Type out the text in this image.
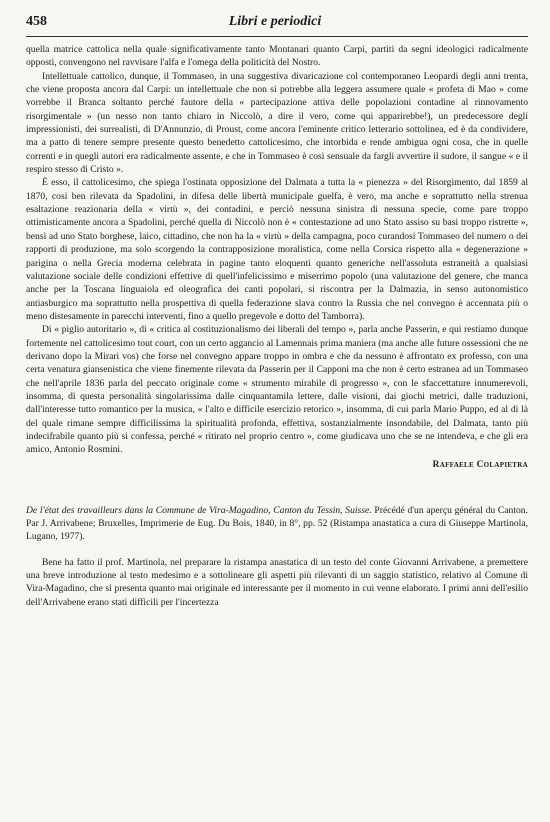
458	Libri e periodici

quella matrice cattolica nella quale significativamente tanto Montanari quanto Carpi, partiti da segni ideologici radicalmente opposti, convengono nel ravvisare l'alfa e l'omega della politicità del Nostro.

Intellettuale cattolico, dunque, il Tommaseo, in una suggestiva divaricazione col contemporaneo Leopardi degli anni trenta, che viene proposta ancora dal Carpi: un intellettuale che non si potrebbe alla leggera assumere quale « profeta di Mao » come vorrebbe il Branca soltanto perché fautore della « partecipazione attiva delle popolazioni contadine al rinnovamento risorgimentale » (un nesso non tanto chiaro in Niccolò, a dire il vero, come qui apparirebbe!), un predecessore degli impressionisti, dei surrealisti, di D'Annunzio, di Proust, come ancora l'eminente critico letterario sottolinea, ed è da condividere, ma a patto di tenere sempre presente questo benedetto cattolicesimo, che intorbida e rende ambigua ogni cosa, che in quelle correnti e in quegli autori era radicalmente assente, e che in Tommaseo è così sensuale da fargli avvertire il sudore, il sangue « e il respiro stesso di Cristo ».

È esso, il cattolicesimo, che spiega l'ostinata opposizione del Dalmata a tutta la « pienezza » del Risorgimento, dal 1859 al 1870, così ben rilevata da Spadolini, in difesa delle libertà municipale guelfa, è vero, ma anche e soprattutto nella strenua esaltazione reazionaria della « virtù », dei contadini, e perciò nessuna sinistra di nessuna specie, come pare troppo ottimisticamente ancora a Spadolini, perché quella di Niccolò non è « contestazione ad uno Stato assiso su basi troppo ristrette », bensì ad uno Stato borghese, laico, cittadino, che non ha la « virtù » della campagna, poco curandosi Tommaseo del numero o dei rapporti di produzione, ma solo scorgendo la contrapposizione moralistica, come nella Corsica rispetto alla « degenerazione » parigina o nella Grecia moderna celebrata in pagine tanto eloquenti quanto generiche nell'assoluta estraneità a qualsiasi valutazione sociale delle condizioni effettive di quell'infelicissimo e miserrimo popolo (una valutazione del genere, che manca anche per la Toscana linguaiola ed oleografica dei canti popolari, si riscontra per la Dalmazia, in senso autonomistico antiasburgico ma soprattutto nella prospettiva di quella federazione slava contro la Russia che nel convegno è accennata più o meno distesamente in parecchi interventi, fino a quello pregevole e dotto del Tamborra).

Di « piglio autoritario », di « critica al costituzionalismo dei liberali del tempo », parla anche Passerin, e qui restiamo dunque fortemente nel cattolicesimo tout court, con un certo aggancio al Lamennais prima maniera (ma anche alle future ossessioni che ne derivano dopo la Mirari vos) che forse nel convegno appare troppo in ombra e che da nessuno è affrontato ex professo, con una certa venatura giansenistica che viene finemente rilevata da Passerin per il Capponi ma che non è certo estranea ad un Tommaseo che nell'aprile 1836 parla del peccato originale come « strumento mirabile di progresso », con le sfaccettature innumerevoli, insomma, di questa personalità singolarissima dalle cinquantamila lettere, dalle visioni, dai giochi metrici, dalle traduzioni, dall'interesse tutto romantico per la musica, « l'alto e difficile esercizio retorico », insomma, di cui parla Mario Puppo, ed al di là del quale rimane sempre difficilissima la spiritualità profonda, effettiva, sostanzialmente insondabile, del Dalmata, tanto più indecifrabile quanto più si confessa, perché « ritirato nel proprio centro », come giudicava uno che se ne intendeva, e che gli era amico, Antonio Rosmini.

Raffaele Colapietra
De l'état des travailleurs dans la Commune de Vira-Magadino, Canton du Tessin, Suisse. Précédé d'un aperçu général du Canton. Par J. Arrivabene; Bruxelles, Imprimerie de Eug. Du Bois, 1840, in 8°, pp. 52 (Ristampa anastatica a cura di Giuseppe Martinola, Lugano, 1977).

Bene ha fatto il prof. Martinola, nel preparare la ristampa anastatica di un testo del conte Giovanni Arrivabene, a premettere una breve introduzione al testo medesimo e a sottolineare gli aspetti più rilevanti di un saggio statistico, relativo al Comune di Vira-Magadino, che si presenta quanto mai originale ed interessante per il momento in cui venne elaborato. I primi anni dell'esilio dell'Arrivabene erano stati difficili per l'incertezza
